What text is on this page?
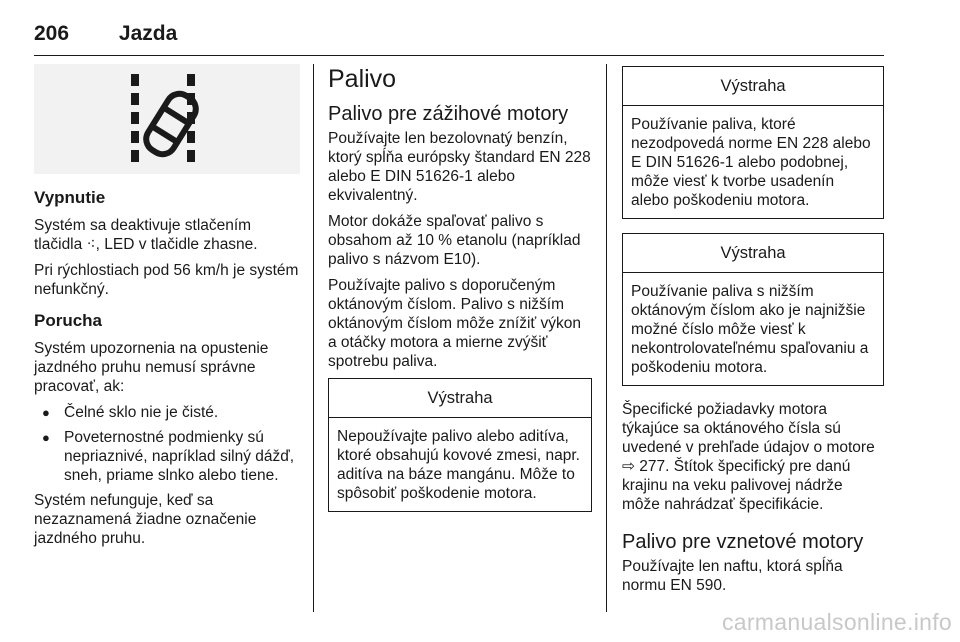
206 Jazda
Vypnutie

Systém sa deaktivuje stlačením tlačidla ⁖, LED v tlačidle zhasne.

Pri rýchlostiach pod 56 km/h je systém nefunkčný.

Porucha

Systém upozornenia na opustenie jazdného pruhu nemusí správne pracovať, ak:

● Čelné sklo nie je čisté.
● Poveternostné podmienky sú nepriaznivé, napríklad silný dážď, sneh, priame slnko alebo tiene.

Systém nefunguje, keď sa nezaznamená žiadne označenie jazdného pruhu.

Palivo
Palivo pre zážihové motory

Používajte len bezolovnatý benzín, ktorý spĺňa európsky štandard EN 228 alebo E DIN 51626-1 alebo ekvivalentný.

Motor dokáže spaľovať palivo s obsahom až 10 % etanolu (napríklad palivo s názvom E10).

Používajte palivo s doporučeným oktánovým číslom. Palivo s nižším oktánovým číslom môže znížiť výkon a otáčky motora a mierne zvýšiť spotrebu paliva.

Výstraha
Nepoužívajte palivo alebo aditíva, ktoré obsahujú kovové zmesi, napr. aditíva na báze mangánu. Môže to spôsobiť poškodenie motora.
Výstraha
Používanie paliva, ktoré nezodpovedá norme EN 228 alebo E DIN 51626-1 alebo podobnej, môže viesť k tvorbe usadenín alebo poškodeniu motora.
Výstraha
Používanie paliva s nižším oktánovým číslom ako je najnižšie možné číslo môže viesť k nekontrolovateľnému spaľovaniu a poškodeniu motora.

Špecifické požiadavky motora týkajúce sa oktánového čísla sú uvedené v prehľade údajov o motore ⇨ 277. Štítok špecifický pre danú krajinu na veku palivovej nádrže môže nahrádzať špecifikácie.

Palivo pre vznetové motory

Používajte len naftu, ktorá spĺňa normu EN 590.

carmanualsonline.info
